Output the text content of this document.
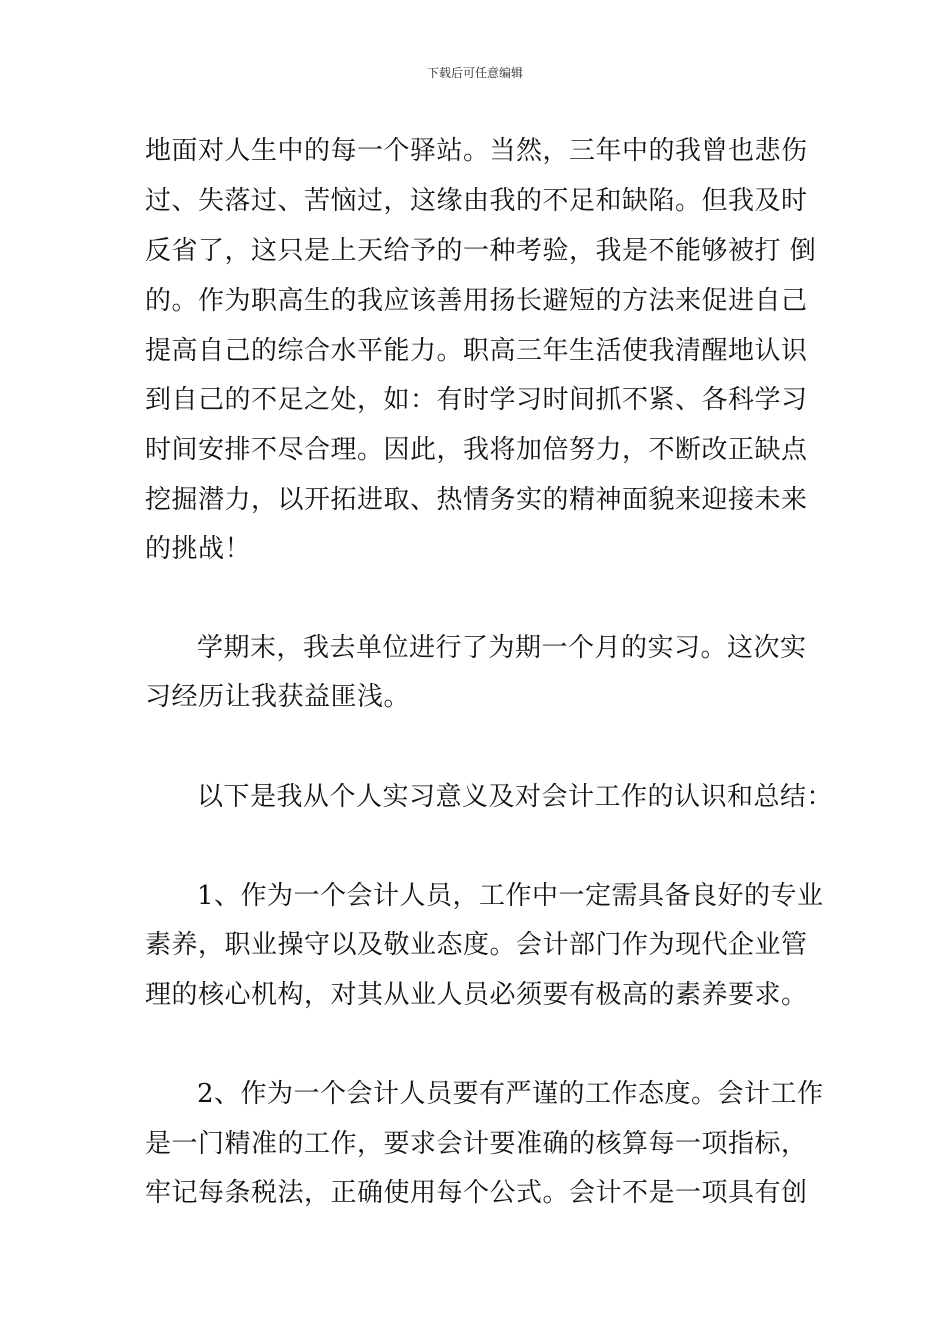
下载后可任意编辑
地面对人生中的每一个驿站。当然，三年中的我曾也悲伤
过、失落过、苦恼过，这缘由我的不足和缺陷。但我及时
反省了，这只是上天给予的一种考验，我是不能够被打 倒
的。作为职高生的我应该善用扬长避短的方法来促进自己
提高自己的综合水平能力。职高三年生活使我清醒地认识
到自己的不足之处，如：有时学习时间抓不紧、各科学习
时间安排不尽合理。因此，我将加倍努力，不断改正缺点
挖掘潜力，以开拓进取、热情务实的精神面貌来迎接未来
的挑战！
学期末，我去单位进行了为期一个月的实习。这次实
习经历让我获益匪浅。
以下是我从个人实习意义及对会计工作的认识和总结：
1、作为一个会计人员，工作中一定需具备良好的专业
素养，职业操守以及敬业态度。会计部门作为现代企业管
理的核心机构，对其从业人员必须要有极高的素养要求。
2、作为一个会计人员要有严谨的工作态度。会计工作
是一门精准的工作，要求会计要准确的核算每一项指标，
牢记每条税法，正确使用每个公式。会计不是一项具有创
